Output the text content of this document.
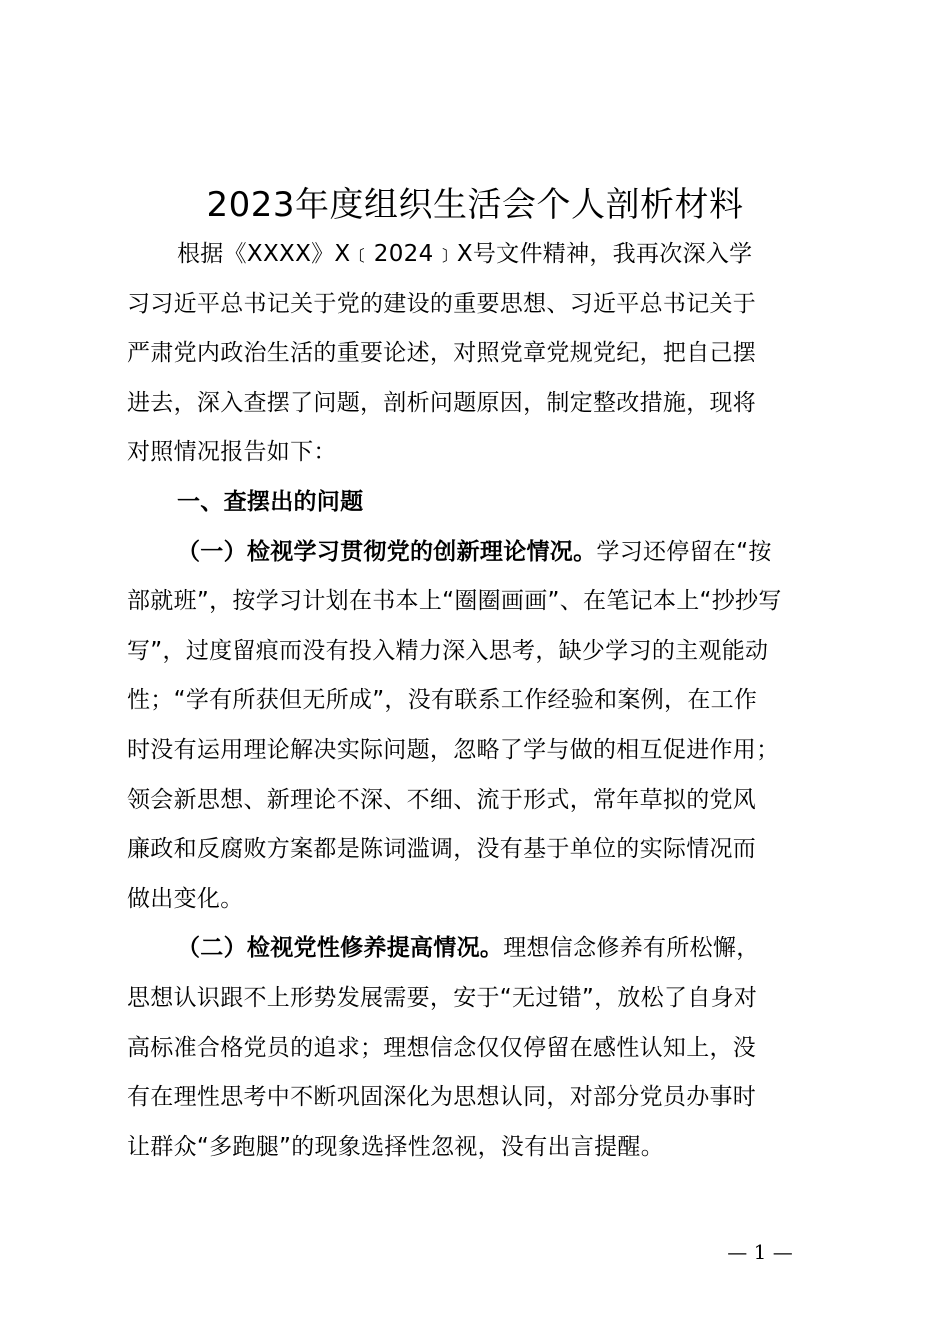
2023年度组织生活会个人剖析材料
根据《XXXX》X﹝2024﹞X号文件精神，我再次深入学
习习近平总书记关于党的建设的重要思想、习近平总书记关于
严肃党内政治生活的重要论述，对照党章党规党纪，把自己摆
进去，深入查摆了问题，剖析问题原因，制定整改措施，现将
对照情况报告如下：
一、查摆出的问题
（一）检视学习贯彻党的创新理论情况。学习还停留在“按
部就班”，按学习计划在书本上“圈圈画画”、在笔记本上“抄抄写
写”，过度留痕而没有投入精力深入思考，缺少学习的主观能动
性；“学有所获但无所成”，没有联系工作经验和案例，在工作
时没有运用理论解决实际问题，忽略了学与做的相互促进作用；
领会新思想、新理论不深、不细、流于形式，常年草拟的党风
廉政和反腐败方案都是陈词滥调，没有基于单位的实际情况而
做出变化。
（二）检视党性修养提高情况。理想信念修养有所松懈，
思想认识跟不上形势发展需要，安于“无过错”，放松了自身对
高标准合格党员的追求；理想信念仅仅停留在感性认知上，没
有在理性思考中不断巩固深化为思想认同，对部分党员办事时
让群众“多跑腿”的现象选择性忽视，没有出言提醒。
— 1 —
